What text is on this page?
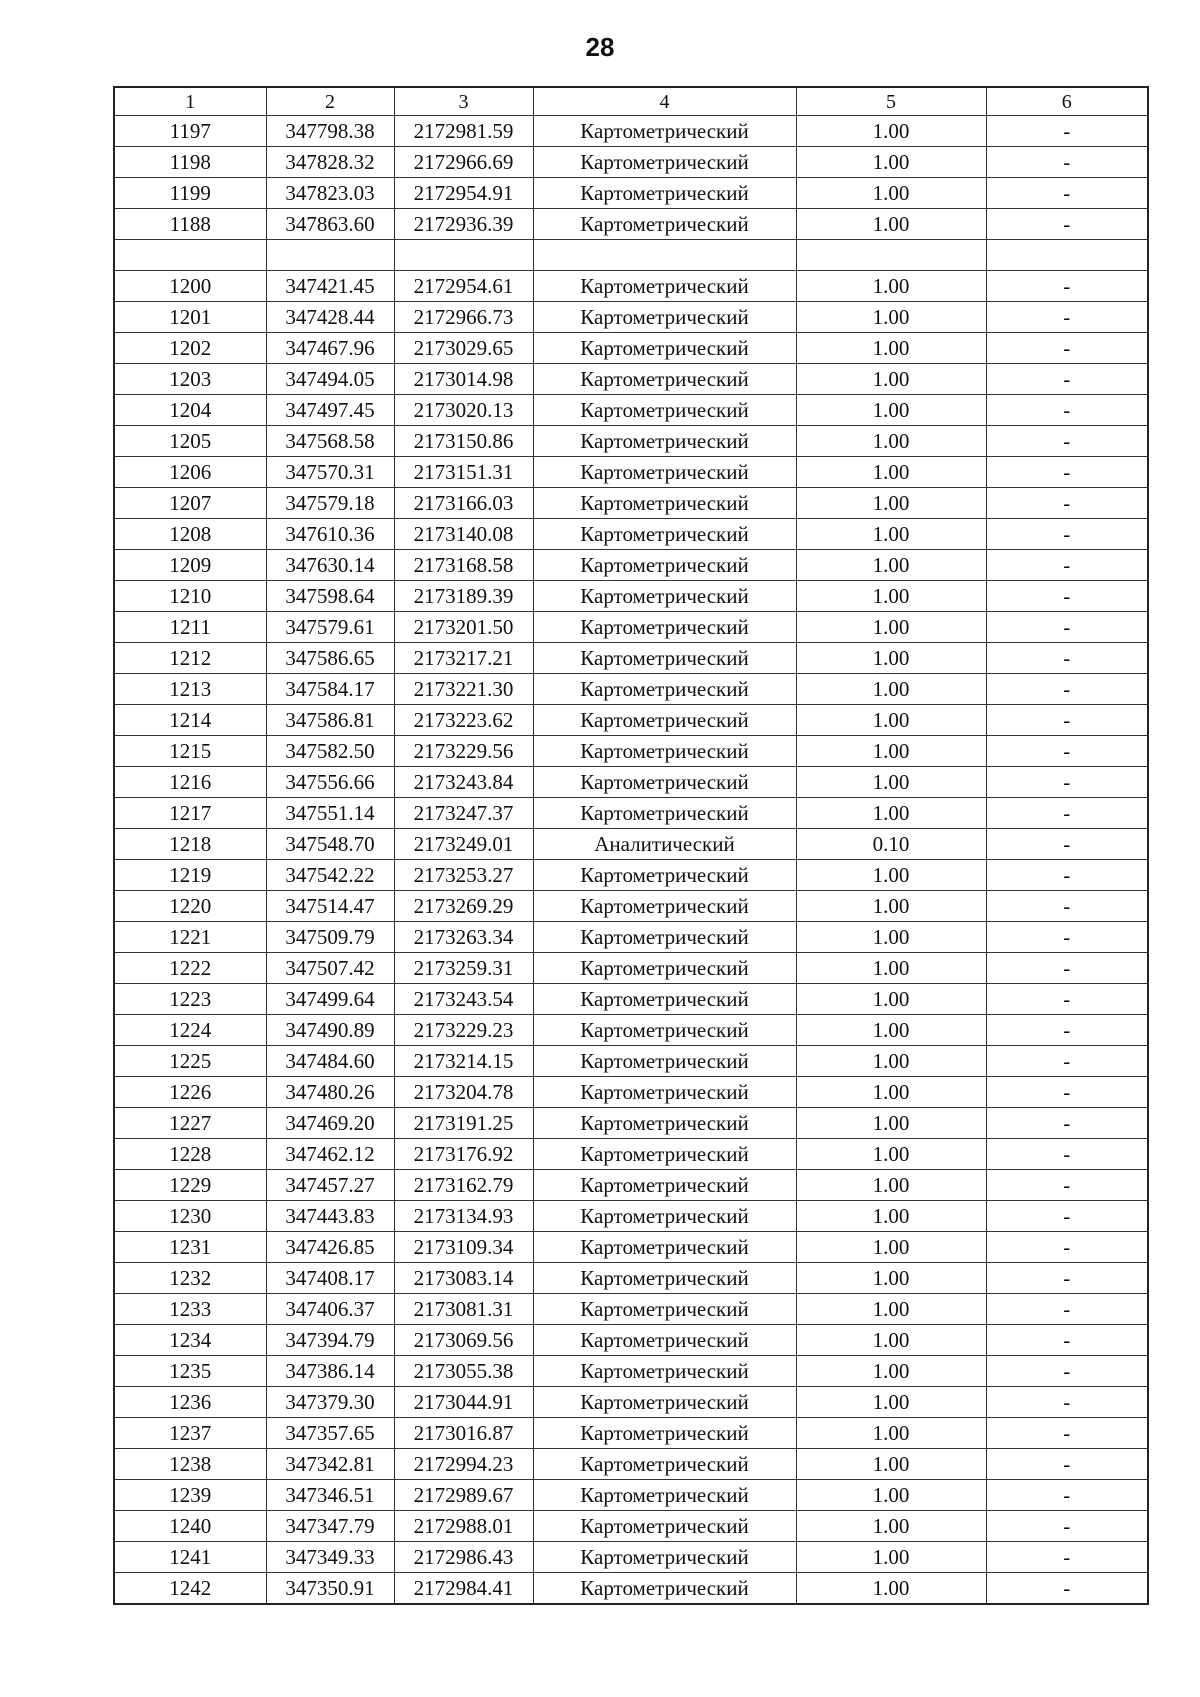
28
1	2	3	4	5	6
1197	347798.38	2172981.59	Картометрический	1.00	-
1198	347828.32	2172966.69	Картометрический	1.00	-
1199	347823.03	2172954.91	Картометрический	1.00	-
1188	347863.60	2172936.39	Картометрический	1.00	-

1200	347421.45	2172954.61	Картометрический	1.00	-
1201	347428.44	2172966.73	Картометрический	1.00	-
1202	347467.96	2173029.65	Картометрический	1.00	-
1203	347494.05	2173014.98	Картометрический	1.00	-
1204	347497.45	2173020.13	Картометрический	1.00	-
1205	347568.58	2173150.86	Картометрический	1.00	-
1206	347570.31	2173151.31	Картометрический	1.00	-
1207	347579.18	2173166.03	Картометрический	1.00	-
1208	347610.36	2173140.08	Картометрический	1.00	-
1209	347630.14	2173168.58	Картометрический	1.00	-
1210	347598.64	2173189.39	Картометрический	1.00	-
1211	347579.61	2173201.50	Картометрический	1.00	-
1212	347586.65	2173217.21	Картометрический	1.00	-
1213	347584.17	2173221.30	Картометрический	1.00	-
1214	347586.81	2173223.62	Картометрический	1.00	-
1215	347582.50	2173229.56	Картометрический	1.00	-
1216	347556.66	2173243.84	Картометрический	1.00	-
1217	347551.14	2173247.37	Картометрический	1.00	-
1218	347548.70	2173249.01	Аналитический	0.10	-
1219	347542.22	2173253.27	Картометрический	1.00	-
1220	347514.47	2173269.29	Картометрический	1.00	-
1221	347509.79	2173263.34	Картометрический	1.00	-
1222	347507.42	2173259.31	Картометрический	1.00	-
1223	347499.64	2173243.54	Картометрический	1.00	-
1224	347490.89	2173229.23	Картометрический	1.00	-
1225	347484.60	2173214.15	Картометрический	1.00	-
1226	347480.26	2173204.78	Картометрический	1.00	-
1227	347469.20	2173191.25	Картометрический	1.00	-
1228	347462.12	2173176.92	Картометрический	1.00	-
1229	347457.27	2173162.79	Картометрический	1.00	-
1230	347443.83	2173134.93	Картометрический	1.00	-
1231	347426.85	2173109.34	Картометрический	1.00	-
1232	347408.17	2173083.14	Картометрический	1.00	-
1233	347406.37	2173081.31	Картометрический	1.00	-
1234	347394.79	2173069.56	Картометрический	1.00	-
1235	347386.14	2173055.38	Картометрический	1.00	-
1236	347379.30	2173044.91	Картометрический	1.00	-
1237	347357.65	2173016.87	Картометрический	1.00	-
1238	347342.81	2172994.23	Картометрический	1.00	-
1239	347346.51	2172989.67	Картометрический	1.00	-
1240	347347.79	2172988.01	Картометрический	1.00	-
1241	347349.33	2172986.43	Картометрический	1.00	-
1242	347350.91	2172984.41	Картометрический	1.00	-
